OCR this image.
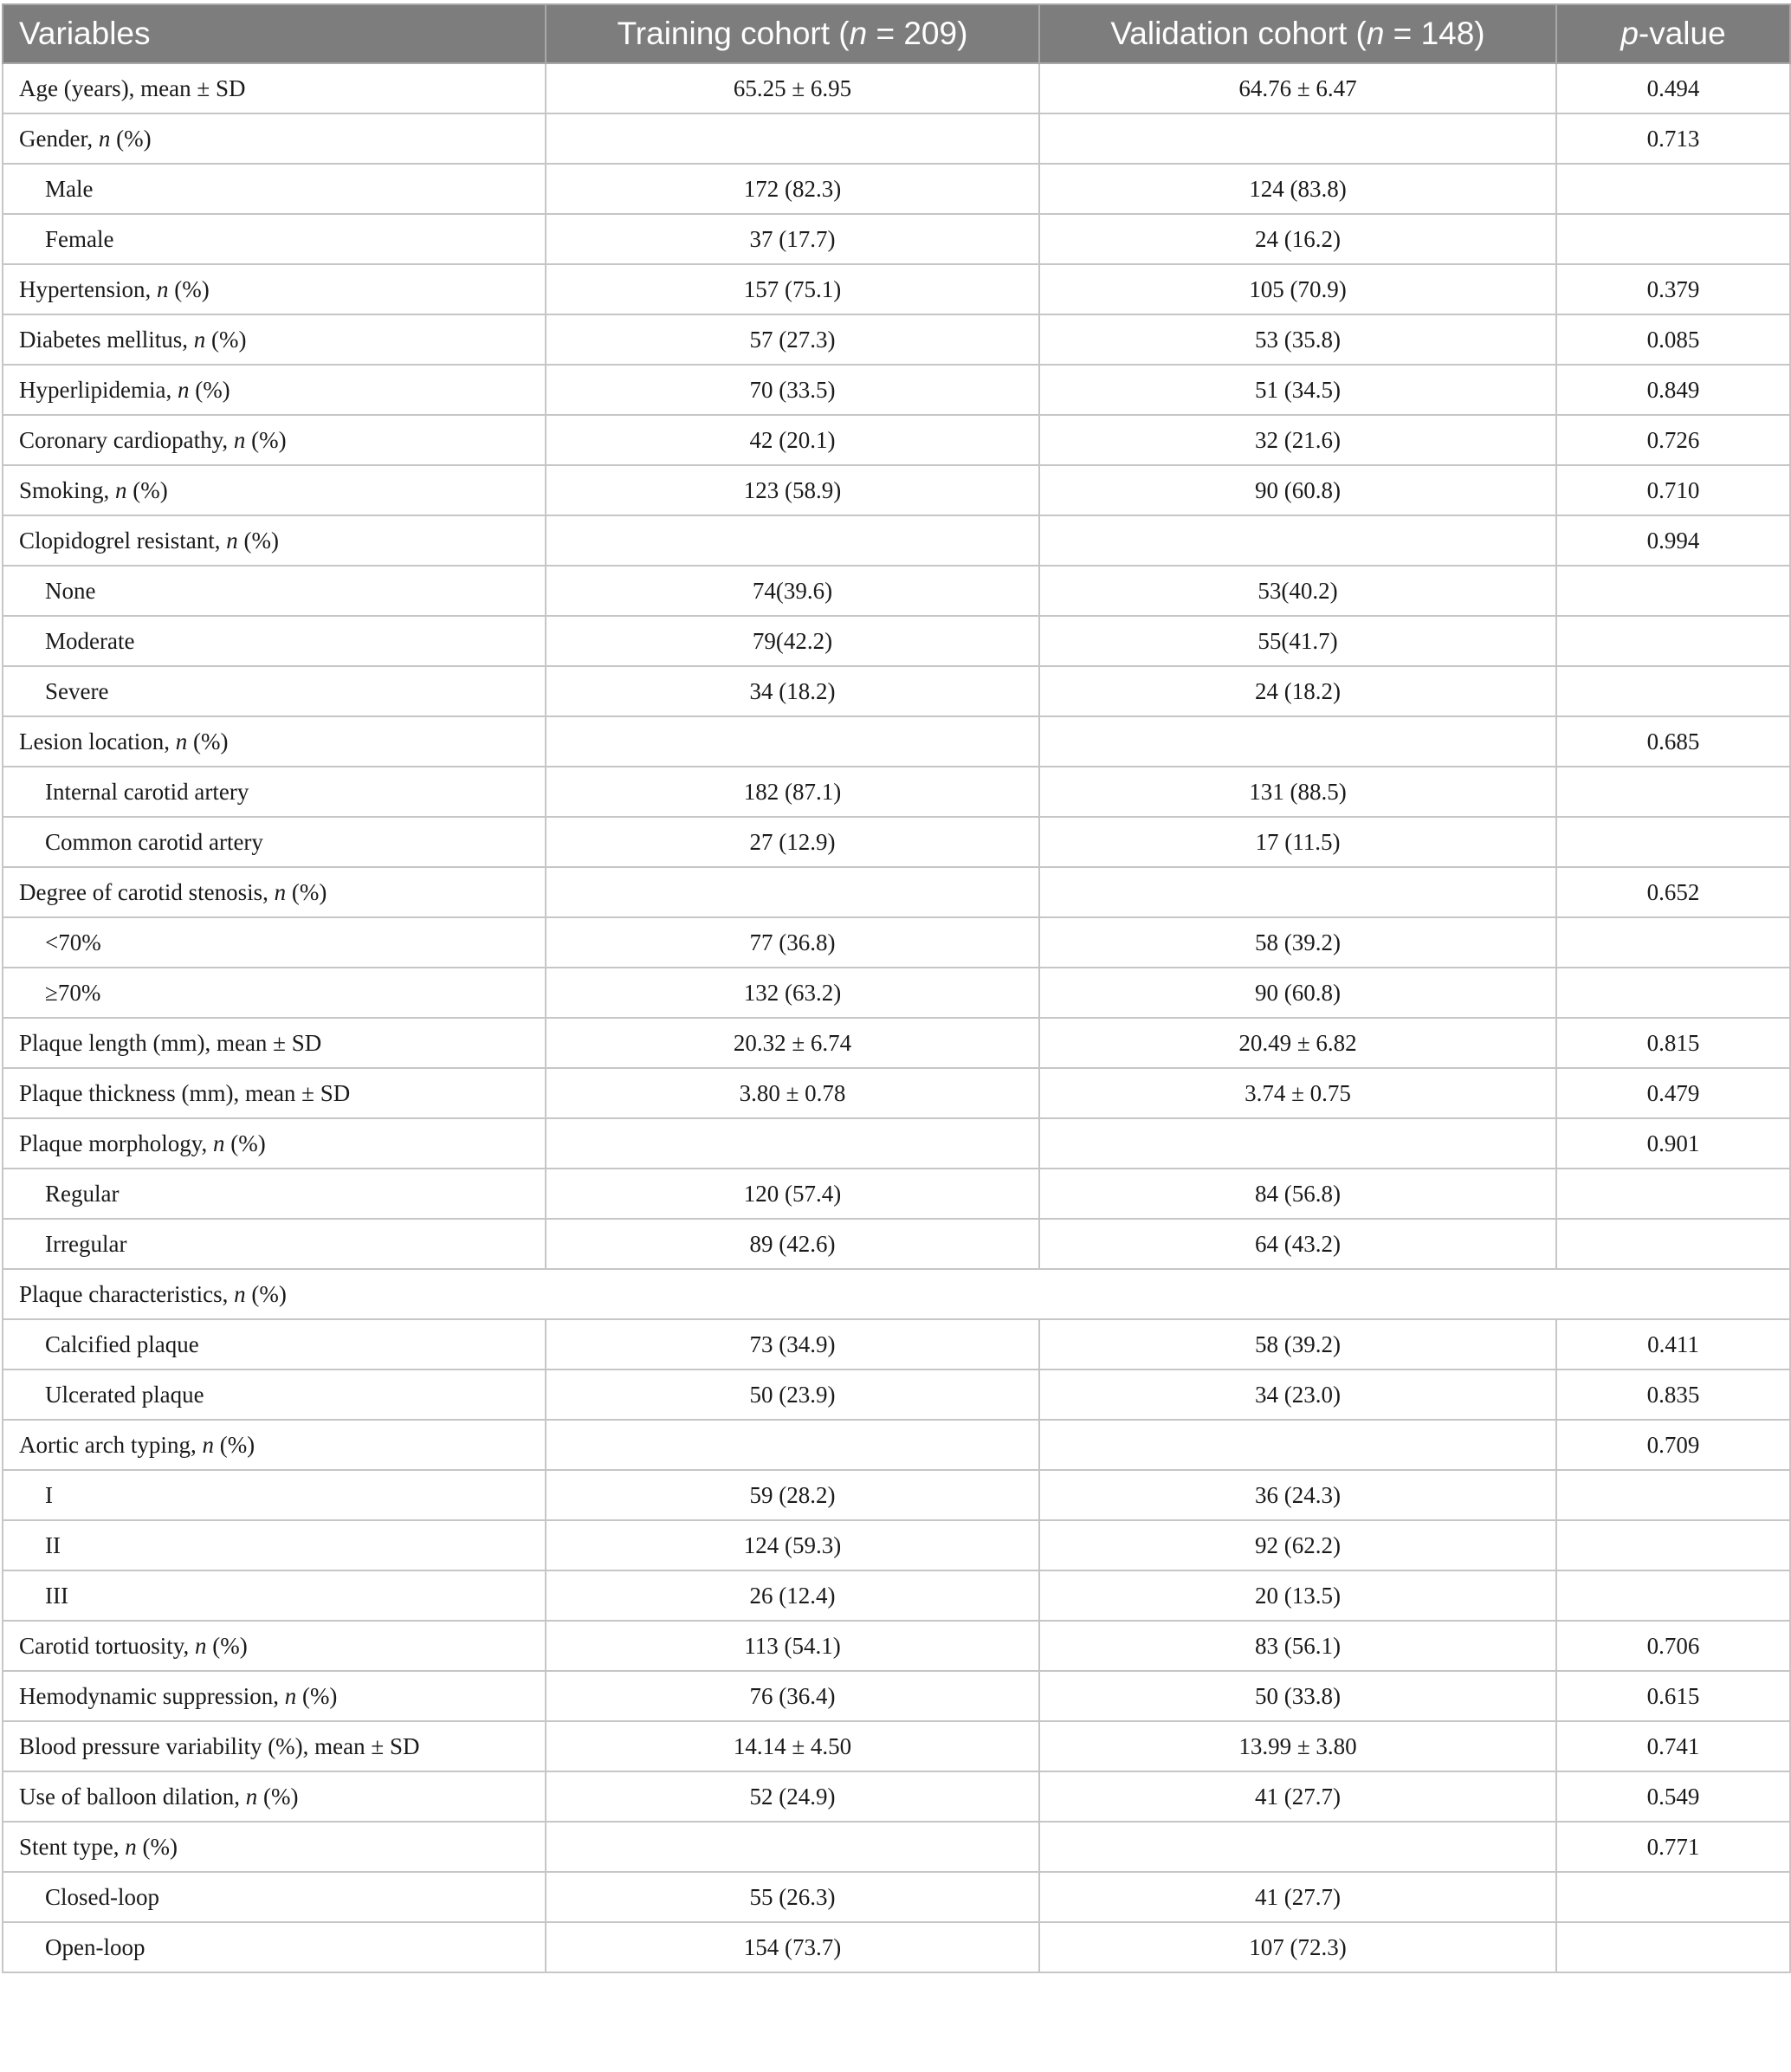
Variables	Training cohort (n = 209)	Validation cohort (n = 148)	p-value
Age (years), mean ± SD	65.25 ± 6.95	64.76 ± 6.47	0.494
Gender, n (%)			0.713
Male	172 (82.3)	124 (83.8)	
Female	37 (17.7)	24 (16.2)	
Hypertension, n (%)	157 (75.1)	105 (70.9)	0.379
Diabetes mellitus, n (%)	57 (27.3)	53 (35.8)	0.085
Hyperlipidemia, n (%)	70 (33.5)	51 (34.5)	0.849
Coronary cardiopathy, n (%)	42 (20.1)	32 (21.6)	0.726
Smoking, n (%)	123 (58.9)	90 (60.8)	0.710
Clopidogrel resistant, n (%)			0.994
None	74(39.6)	53(40.2)	
Moderate	79(42.2)	55(41.7)	
Severe	34 (18.2)	24 (18.2)	
Lesion location, n (%)			0.685
Internal carotid artery	182 (87.1)	131 (88.5)	
Common carotid artery	27 (12.9)	17 (11.5)	
Degree of carotid stenosis, n (%)			0.652
<70%	77 (36.8)	58 (39.2)	
≥70%	132 (63.2)	90 (60.8)	
Plaque length (mm), mean ± SD	20.32 ± 6.74	20.49 ± 6.82	0.815
Plaque thickness (mm), mean ± SD	3.80 ± 0.78	3.74 ± 0.75	0.479
Plaque morphology, n (%)			0.901
Regular	120 (57.4)	84 (56.8)	
Irregular	89 (42.6)	64 (43.2)	
Plaque characteristics, n (%)			
Calcified plaque	73 (34.9)	58 (39.2)	0.411
Ulcerated plaque	50 (23.9)	34 (23.0)	0.835
Aortic arch typing, n (%)			0.709
I	59 (28.2)	36 (24.3)	
II	124 (59.3)	92 (62.2)	
III	26 (12.4)	20 (13.5)	
Carotid tortuosity, n (%)	113 (54.1)	83 (56.1)	0.706
Hemodynamic suppression, n (%)	76 (36.4)	50 (33.8)	0.615
Blood pressure variability (%), mean ± SD	14.14 ± 4.50	13.99 ± 3.80	0.741
Use of balloon dilation, n (%)	52 (24.9)	41 (27.7)	0.549
Stent type, n (%)			0.771
Closed-loop	55 (26.3)	41 (27.7)	
Open-loop	154 (73.7)	107 (72.3)	
